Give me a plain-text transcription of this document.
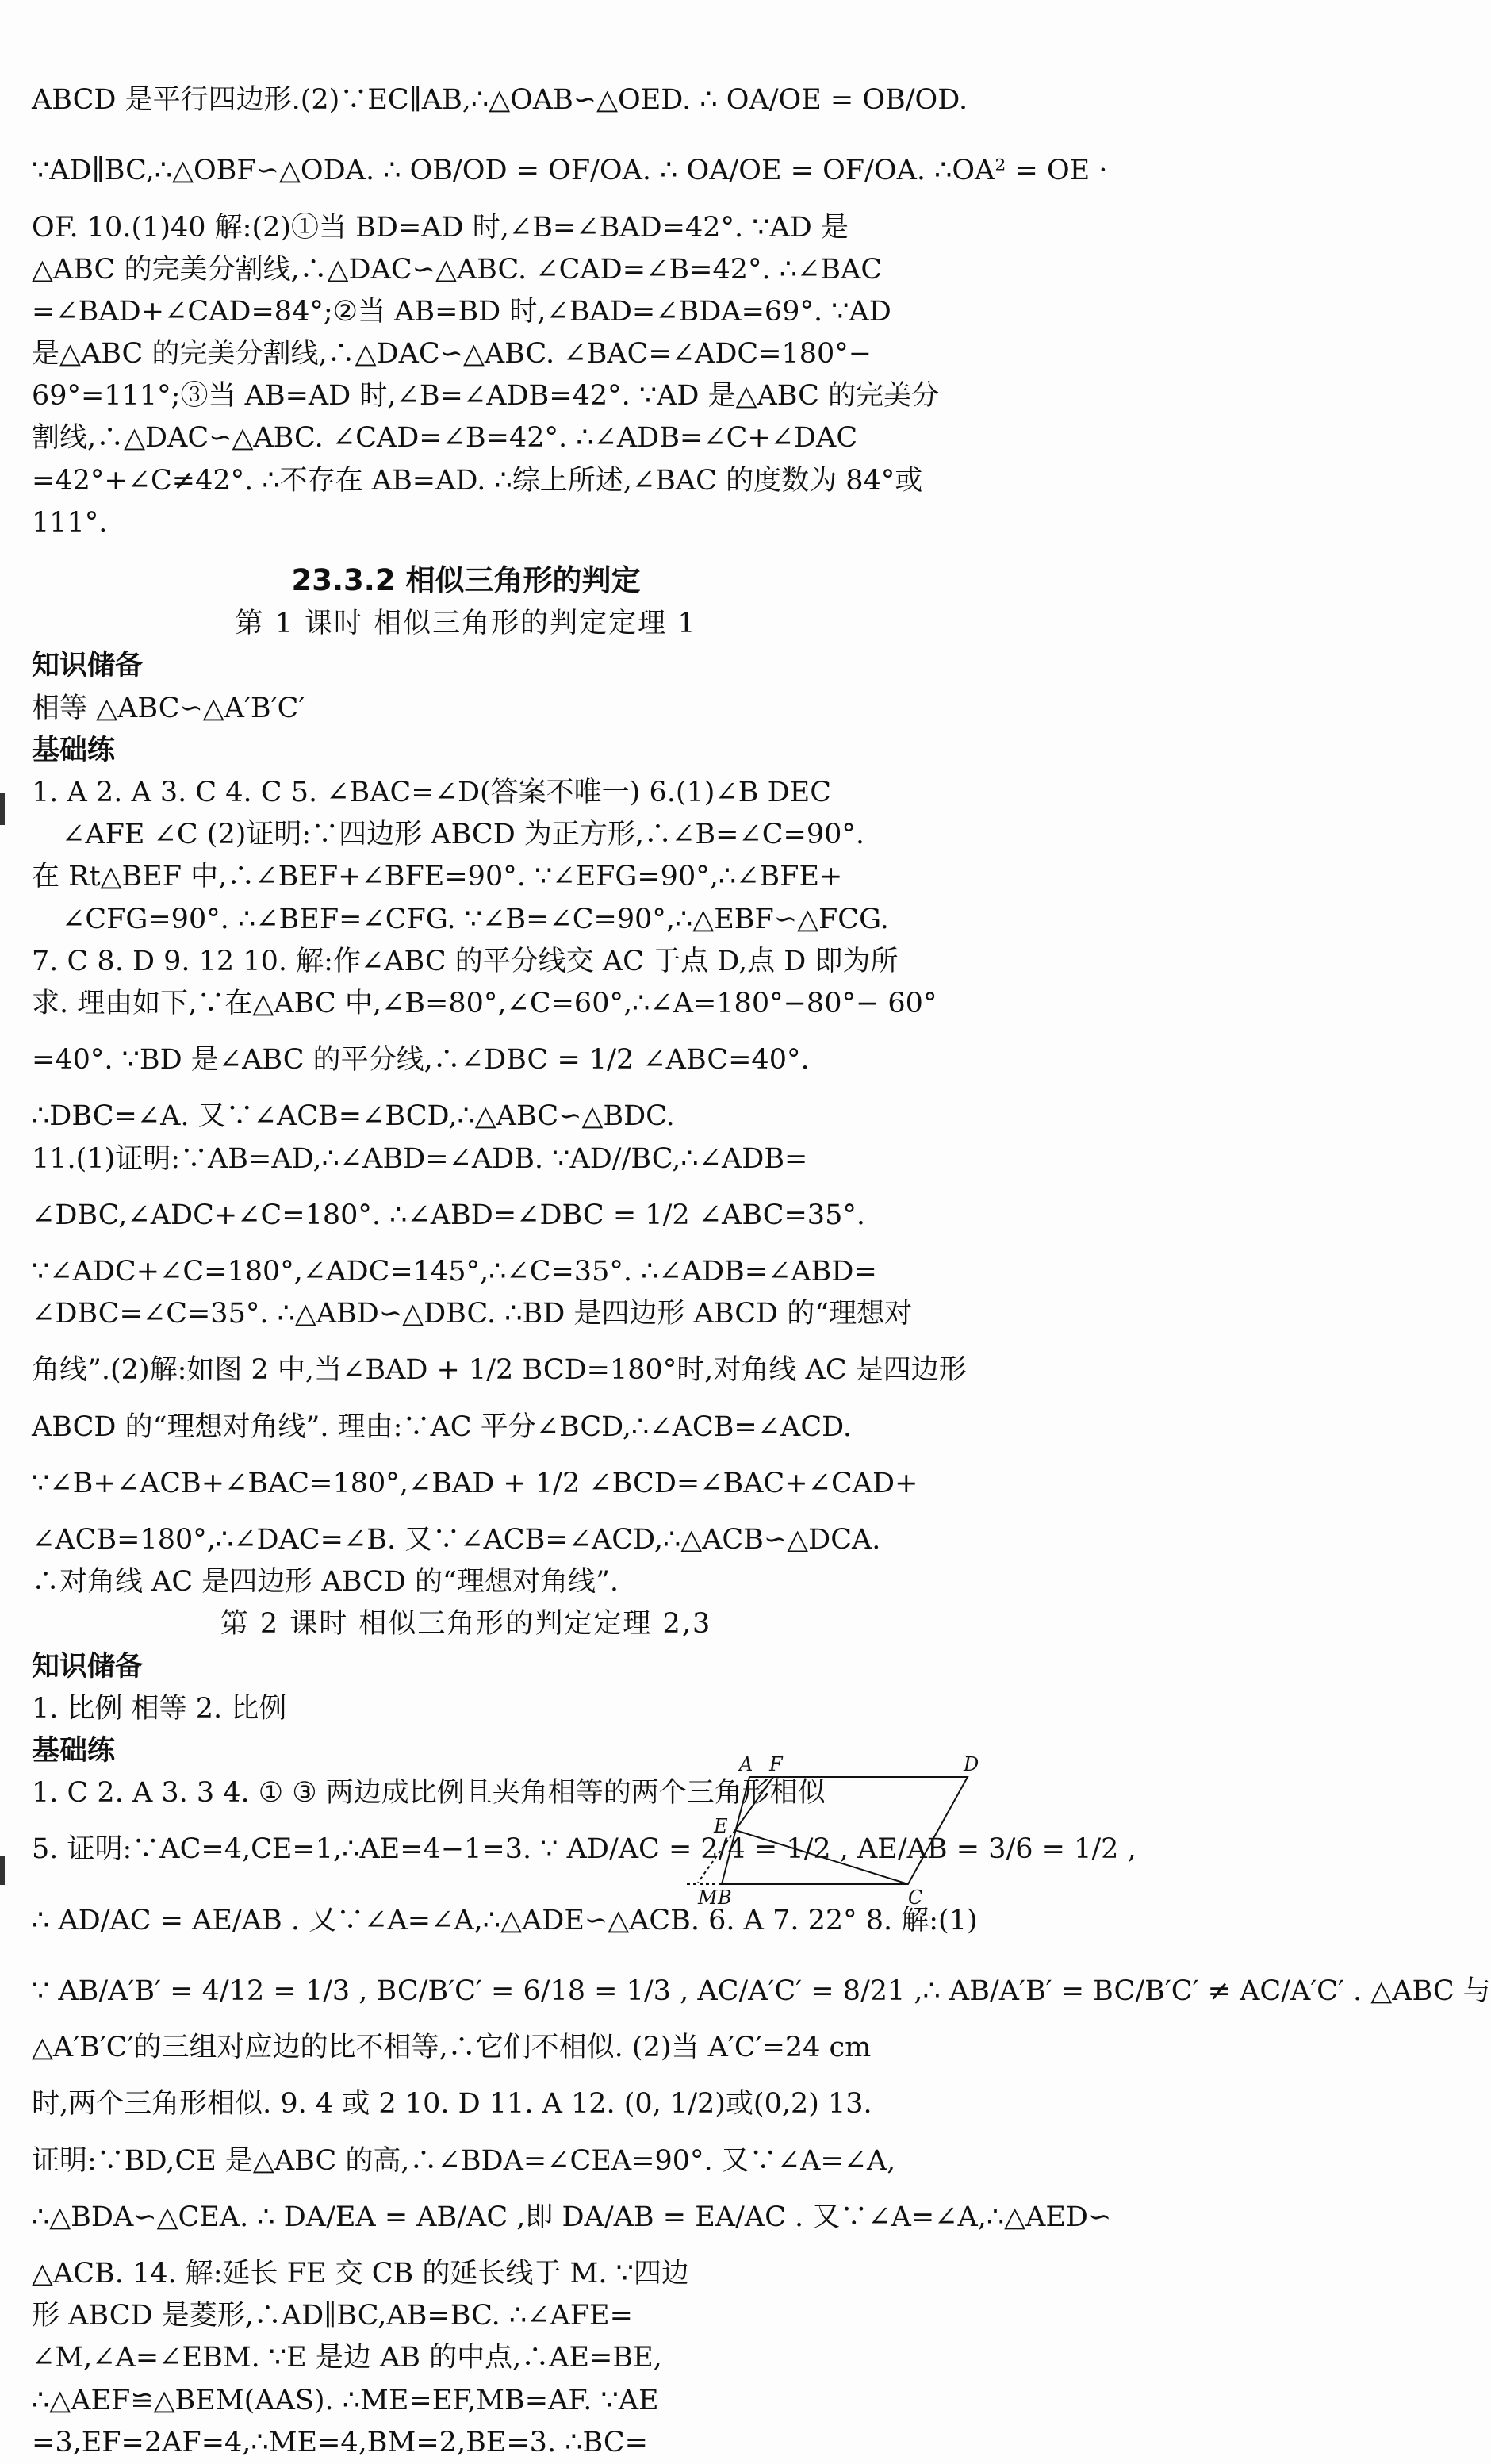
ABCD 是平行四边形.(2)∵EC∥AB,∴△OAB∽△OED. ∴ OA/OE = OB/OD.
∵AD∥BC,∴△OBF∽△ODA. ∴ OB/OD = OF/OA. ∴ OA/OE = OF/OA. ∴OA² = OE ·
OF. 10.(1)40 解:(2)①当 BD=AD 时,∠B=∠BAD=42°. ∵AD 是
△ABC 的完美分割线,∴△DAC∽△ABC. ∠CAD=∠B=42°. ∴∠BAC
=∠BAD+∠CAD=84°;②当 AB=BD 时,∠BAD=∠BDA=69°. ∵AD
是△ABC 的完美分割线,∴△DAC∽△ABC. ∠BAC=∠ADC=180°−
69°=111°;③当 AB=AD 时,∠B=∠ADB=42°. ∵AD 是△ABC 的完美分
割线,∴△DAC∽△ABC. ∠CAD=∠B=42°. ∴∠ADB=∠C+∠DAC
=42°+∠C≠42°. ∴不存在 AB=AD. ∴综上所述,∠BAC 的度数为 84°或
111°.
23.3.2 相似三角形的判定
第 1 课时 相似三角形的判定定理 1
知识储备
相等 △ABC∽△A′B′C′
基础练
1. A 2. A 3. C 4. C 5. ∠BAC=∠D(答案不唯一) 6.(1)∠B DEC
∠AFE ∠C (2)证明:∵四边形 ABCD 为正方形,∴∠B=∠C=90°.
在 Rt△BEF 中,∴∠BEF+∠BFE=90°. ∵∠EFG=90°,∴∠BFE+
∠CFG=90°. ∴∠BEF=∠CFG. ∵∠B=∠C=90°,∴△EBF∽△FCG.
7. C 8. D 9. 12 10. 解:作∠ABC 的平分线交 AC 于点 D,点 D 即为所
求. 理由如下,∵在△ABC 中,∠B=80°,∠C=60°,∴∠A=180°−80°− 60°
=40°. ∵BD 是∠ABC 的平分线,∴∠DBC = 1/2 ∠ABC=40°.
∴DBC=∠A. 又∵∠ACB=∠BCD,∴△ABC∽△BDC.
11.(1)证明:∵AB=AD,∴∠ABD=∠ADB. ∵AD//BC,∴∠ADB=
∠DBC,∠ADC+∠C=180°. ∴∠ABD=∠DBC = 1/2 ∠ABC=35°.
∵∠ADC+∠C=180°,∠ADC=145°,∴∠C=35°. ∴∠ADB=∠ABD=
∠DBC=∠C=35°. ∴△ABD∽△DBC. ∴BD 是四边形 ABCD 的“理想对
角线”.(2)解:如图 2 中,当∠BAD + 1/2 BCD=180°时,对角线 AC 是四边形
ABCD 的“理想对角线”. 理由:∵AC 平分∠BCD,∴∠ACB=∠ACD.
∵∠B+∠ACB+∠BAC=180°,∠BAD + 1/2 ∠BCD=∠BAC+∠CAD+
∠ACB=180°,∴∠DAC=∠B. 又∵∠ACB=∠ACD,∴△ACB∽△DCA.
∴对角线 AC 是四边形 ABCD 的“理想对角线”.
第 2 课时 相似三角形的判定定理 2,3
知识储备
1. 比例 相等 2. 比例
基础练
1. C 2. A 3. 3 4. ① ③ 两边成比例且夹角相等的两个三角形相似
5. 证明:∵AC=4,CE=1,∴AE=4−1=3. ∵ AD/AC = 2/4 = 1/2 , AE/AB = 3/6 = 1/2 ,
∴ AD/AC = AE/AB . 又∵∠A=∠A,∴△ADE∽△ACB. 6. A 7. 22° 8. 解:(1)
∵ AB/A′B′ = 4/12 = 1/3 , BC/B′C′ = 6/18 = 1/3 , AC/A′C′ = 8/21 ,∴ AB/A′B′ = BC/B′C′ ≠ AC/A′C′ . △ABC 与
△A′B′C′的三组对应边的比不相等,∴它们不相似. (2)当 A′C′=24 cm
时,两个三角形相似. 9. 4 或 2 10. D 11. A 12. (0, 1/2)或(0,2) 13.
证明:∵BD,CE 是△ABC 的高,∴∠BDA=∠CEA=90°. 又∵∠A=∠A,
∴△BDA∽△CEA. ∴ DA/EA = AB/AC ,即 DA/AB = EA/AC . 又∵∠A=∠A,∴△AED∽
△ACB. 14. 解:延长 FE 交 CB 的延长线于 M. ∵四边
形 ABCD 是菱形,∴AD∥BC,AB=BC. ∴∠AFE=
∠M,∠A=∠EBM. ∵E 是边 AB 的中点,∴AE=BE,
∴△AEF≌△BEM(AAS). ∴ME=EF,MB=AF. ∵AE
=3,EF=2AF=4,∴ME=4,BM=2,BE=3. ∴BC=
A F	D
E
M B	C
